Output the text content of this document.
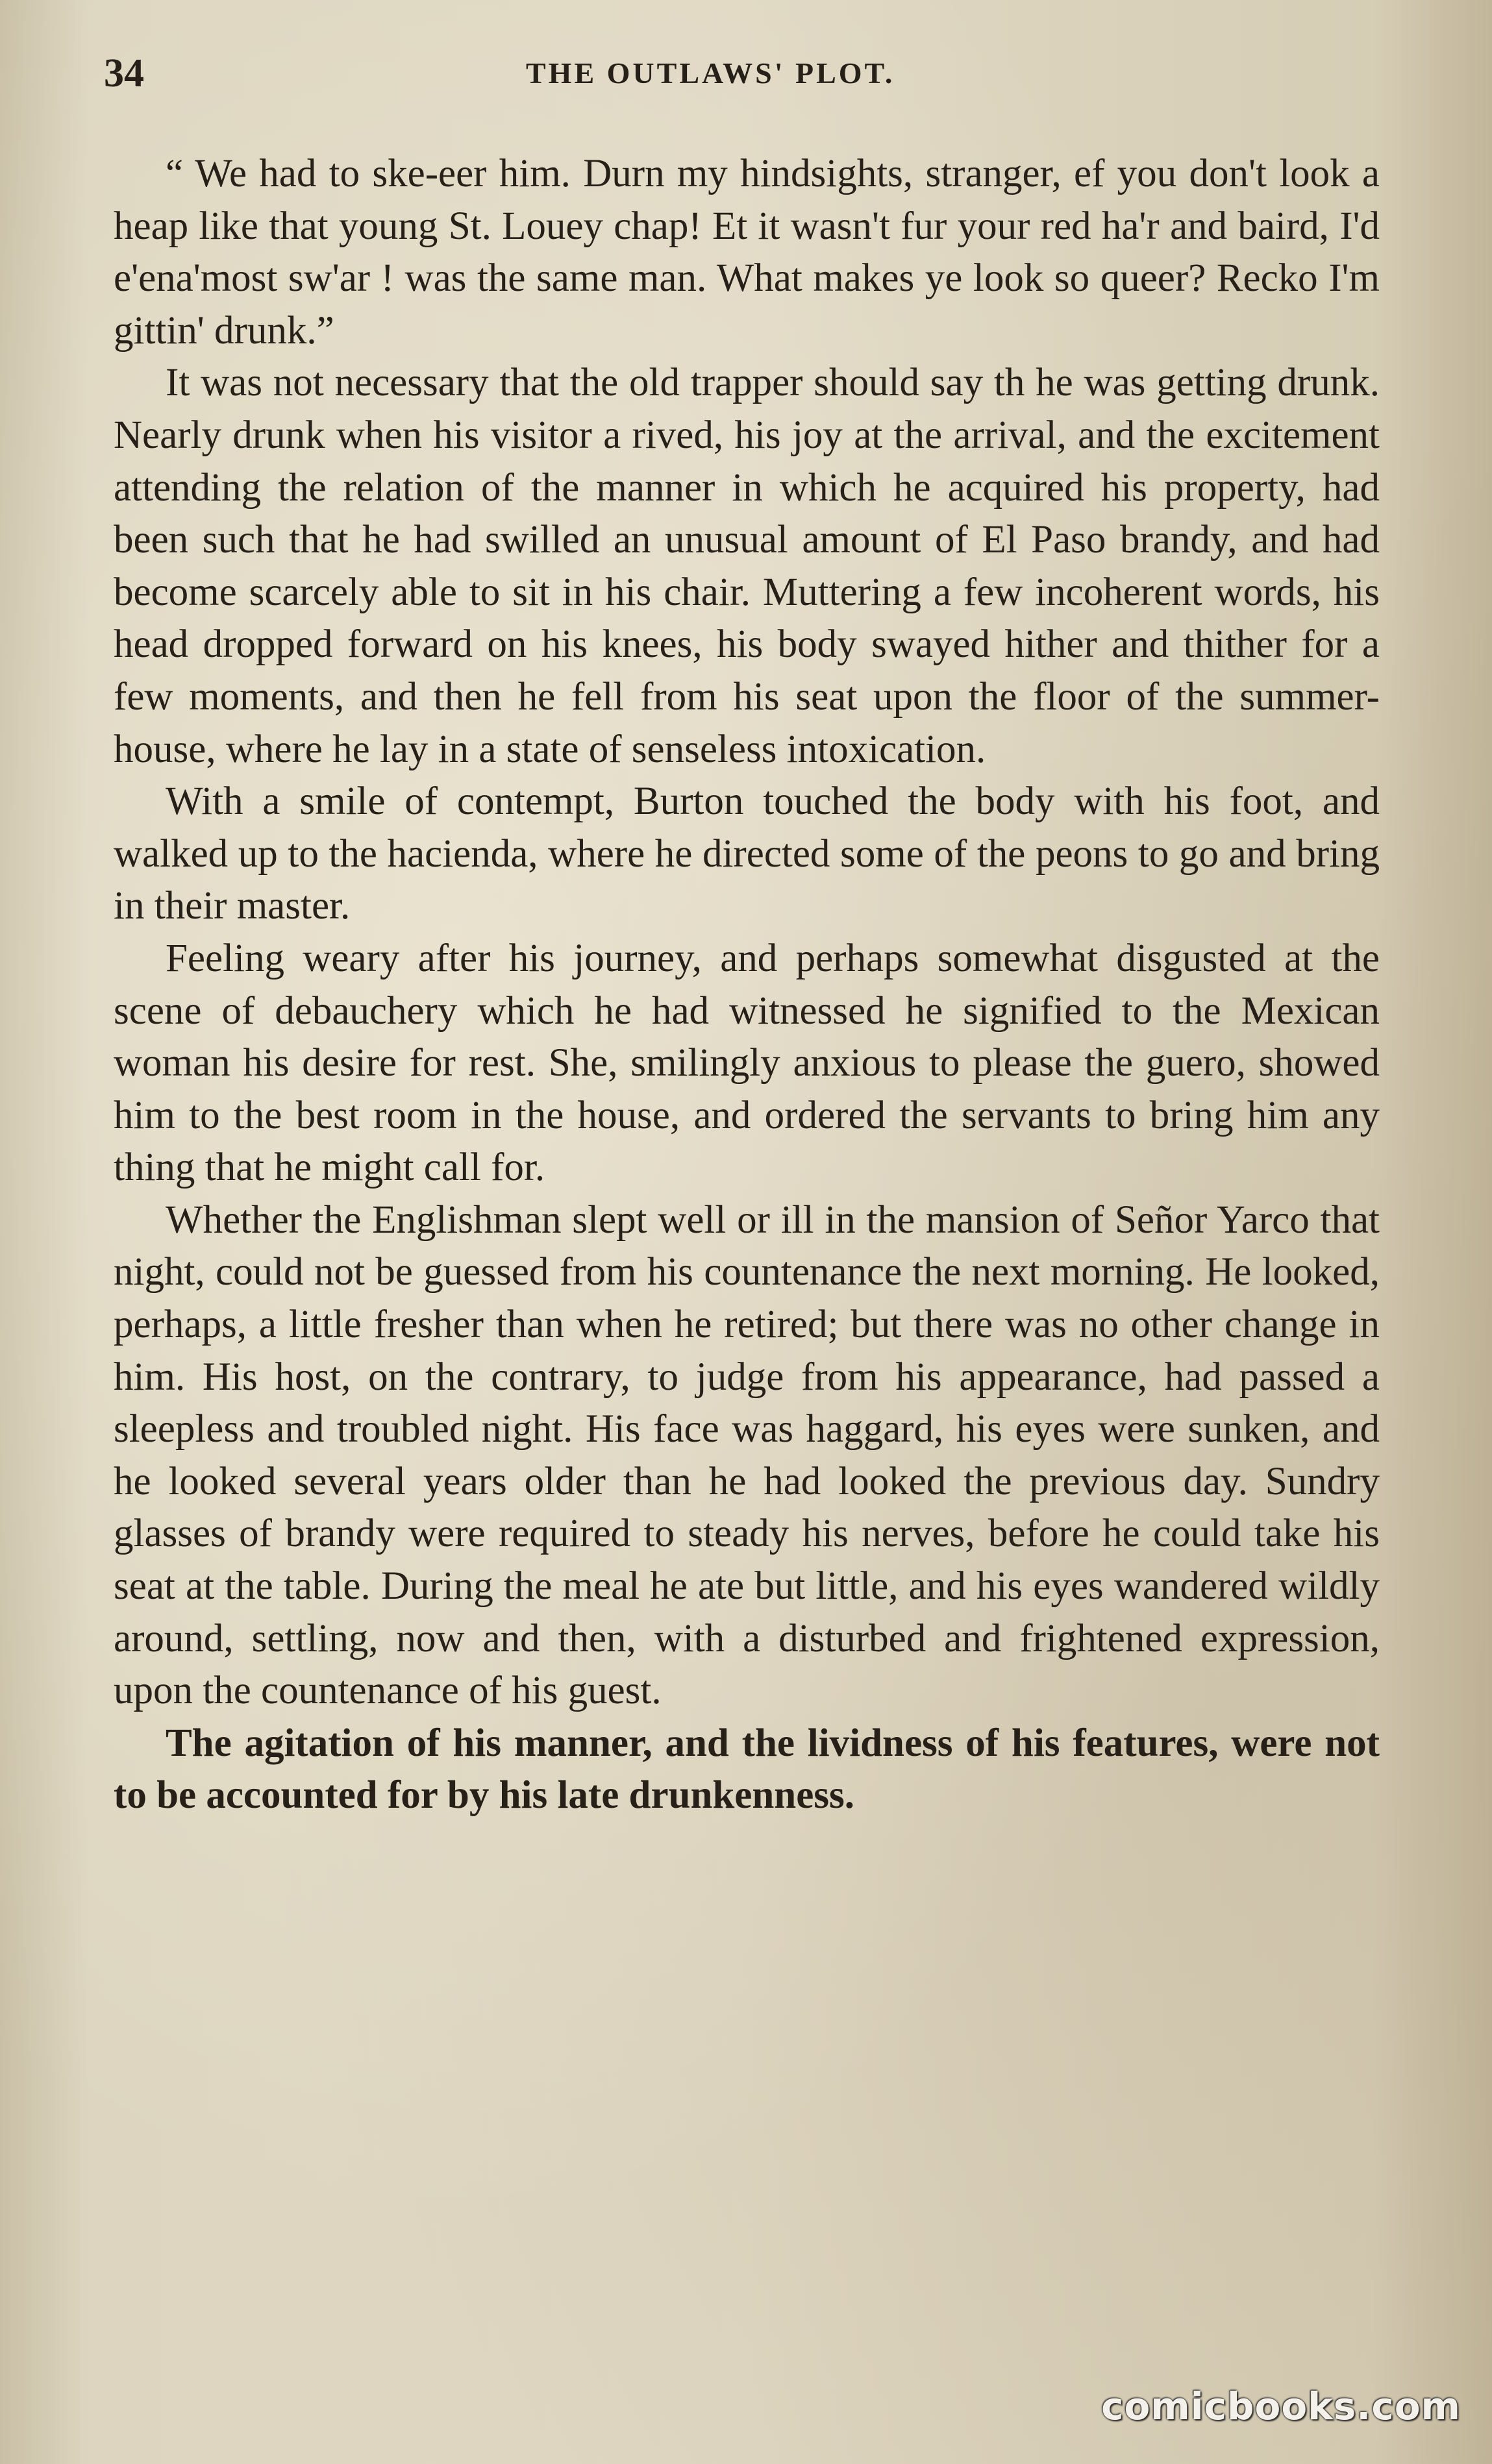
34	THE OUTLAWS' PLOT.

“ We had to ske-eer him. Durn my hindsights, stranger, ef you don't look a heap like that young St. Louey chap! Et it wasn't fur your red ha'r and baird, I'd e'ena'most sw'ar ! was the same man. What makes ye look so queer? Recko I'm gittin' drunk.”

It was not necessary that the old trapper should say th he was getting drunk. Nearly drunk when his visitor a rived, his joy at the arrival, and the excitement attending the relation of the manner in which he acquired his property, had been such that he had swilled an unusual amount of El Paso brandy, and had become scarcely able to sit in his chair. Muttering a few incoherent words, his head dropped forward on his knees, his body swayed hither and thither for a few moments, and then he fell from his seat upon the floor of the summer-house, where he lay in a state of senseless intoxication.

With a smile of contempt, Burton touched the body with his foot, and walked up to the hacienda, where he directed some of the peons to go and bring in their master.

Feeling weary after his journey, and perhaps somewhat disgusted at the scene of debauchery which he had witnessed he signified to the Mexican woman his desire for rest. She, smilingly anxious to please the guero, showed him to the best room in the house, and ordered the servants to bring him any thing that he might call for.

Whether the Englishman slept well or ill in the mansion of Señor Yarco that night, could not be guessed from his countenance the next morning. He looked, perhaps, a little fresher than when he retired; but there was no other change in him. His host, on the contrary, to judge from his appearance, had passed a sleepless and troubled night. His face was haggard, his eyes were sunken, and he looked several years older than he had looked the previous day. Sundry glasses of brandy were required to steady his nerves, before he could take his seat at the table. During the meal he ate but little, and his eyes wandered wildly around, settling, now and then, with a disturbed and frightened expression, upon the countenance of his guest.

The agitation of his manner, and the lividness of his features, were not to be accounted for by his late drunkenness.

comicbooks.com
